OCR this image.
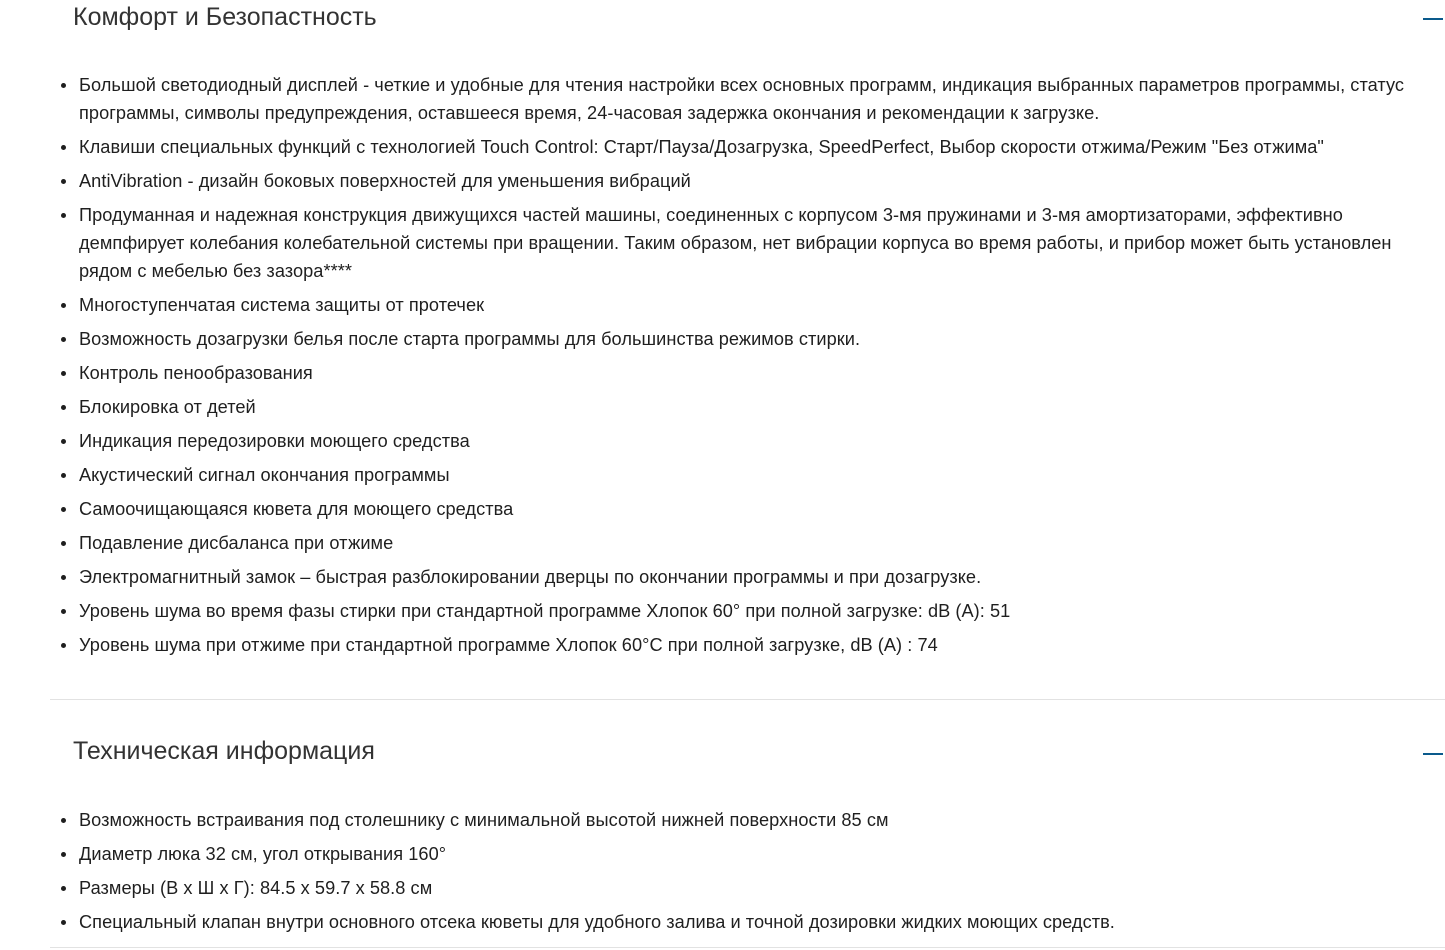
Комфорт и Безопастность
Большой светодиодный дисплей - четкие и удобные для чтения настройки всех основных программ, индикация выбранных параметров программы, статус программы, символы предупреждения, оставшееся время, 24-часовая задержка окончания и рекомендации к загрузке.
Клавиши специальных функций с технологией Touch Control: Старт/Пауза/Дозагрузка, SpeedPerfect, Выбор скорости отжима/Режим "Без отжима"
AntiVibration - дизайн боковых поверхностей для уменьшения вибраций
Продуманная и надежная конструкция движущихся частей машины, соединенных с корпусом 3-мя пружинами и 3-мя амортизаторами, эффективно демпфирует колебания колебательной системы при вращении. Таким образом, нет вибрации корпуса во время работы, и прибор может быть установлен рядом с мебелью без зазора****
Многоступенчатая система защиты от протечек
Возможность дозагрузки белья после старта программы для большинства режимов стирки.
Контроль пенообразования
Блокировка от детей
Индикация передозировки моющего средства
Акустический сигнал окончания программы
Самоочищающаяся кювета для моющего средства
Подавление дисбаланса при отжиме
Электромагнитный замок – быстрая разблокировании дверцы по окончании программы и при дозагрузке.
Уровень шума во время фазы стирки при стандартной программе Хлопок 60° при полной загрузке: dB (A): 51
Уровень шума при отжиме при стандартной программе Хлопок 60°C при полной загрузке, dB (A) : 74
Техническая информация
Возможность встраивания под столешнику с минимальной высотой нижней поверхности 85 см
Диаметр люка 32 см, угол открывания 160°
Размеры (В х Ш х Г): 84.5 х 59.7 х 58.8 см
Специальный клапан внутри основного отсека кюветы для удобного залива и точной дозировки жидких моющих средств.
